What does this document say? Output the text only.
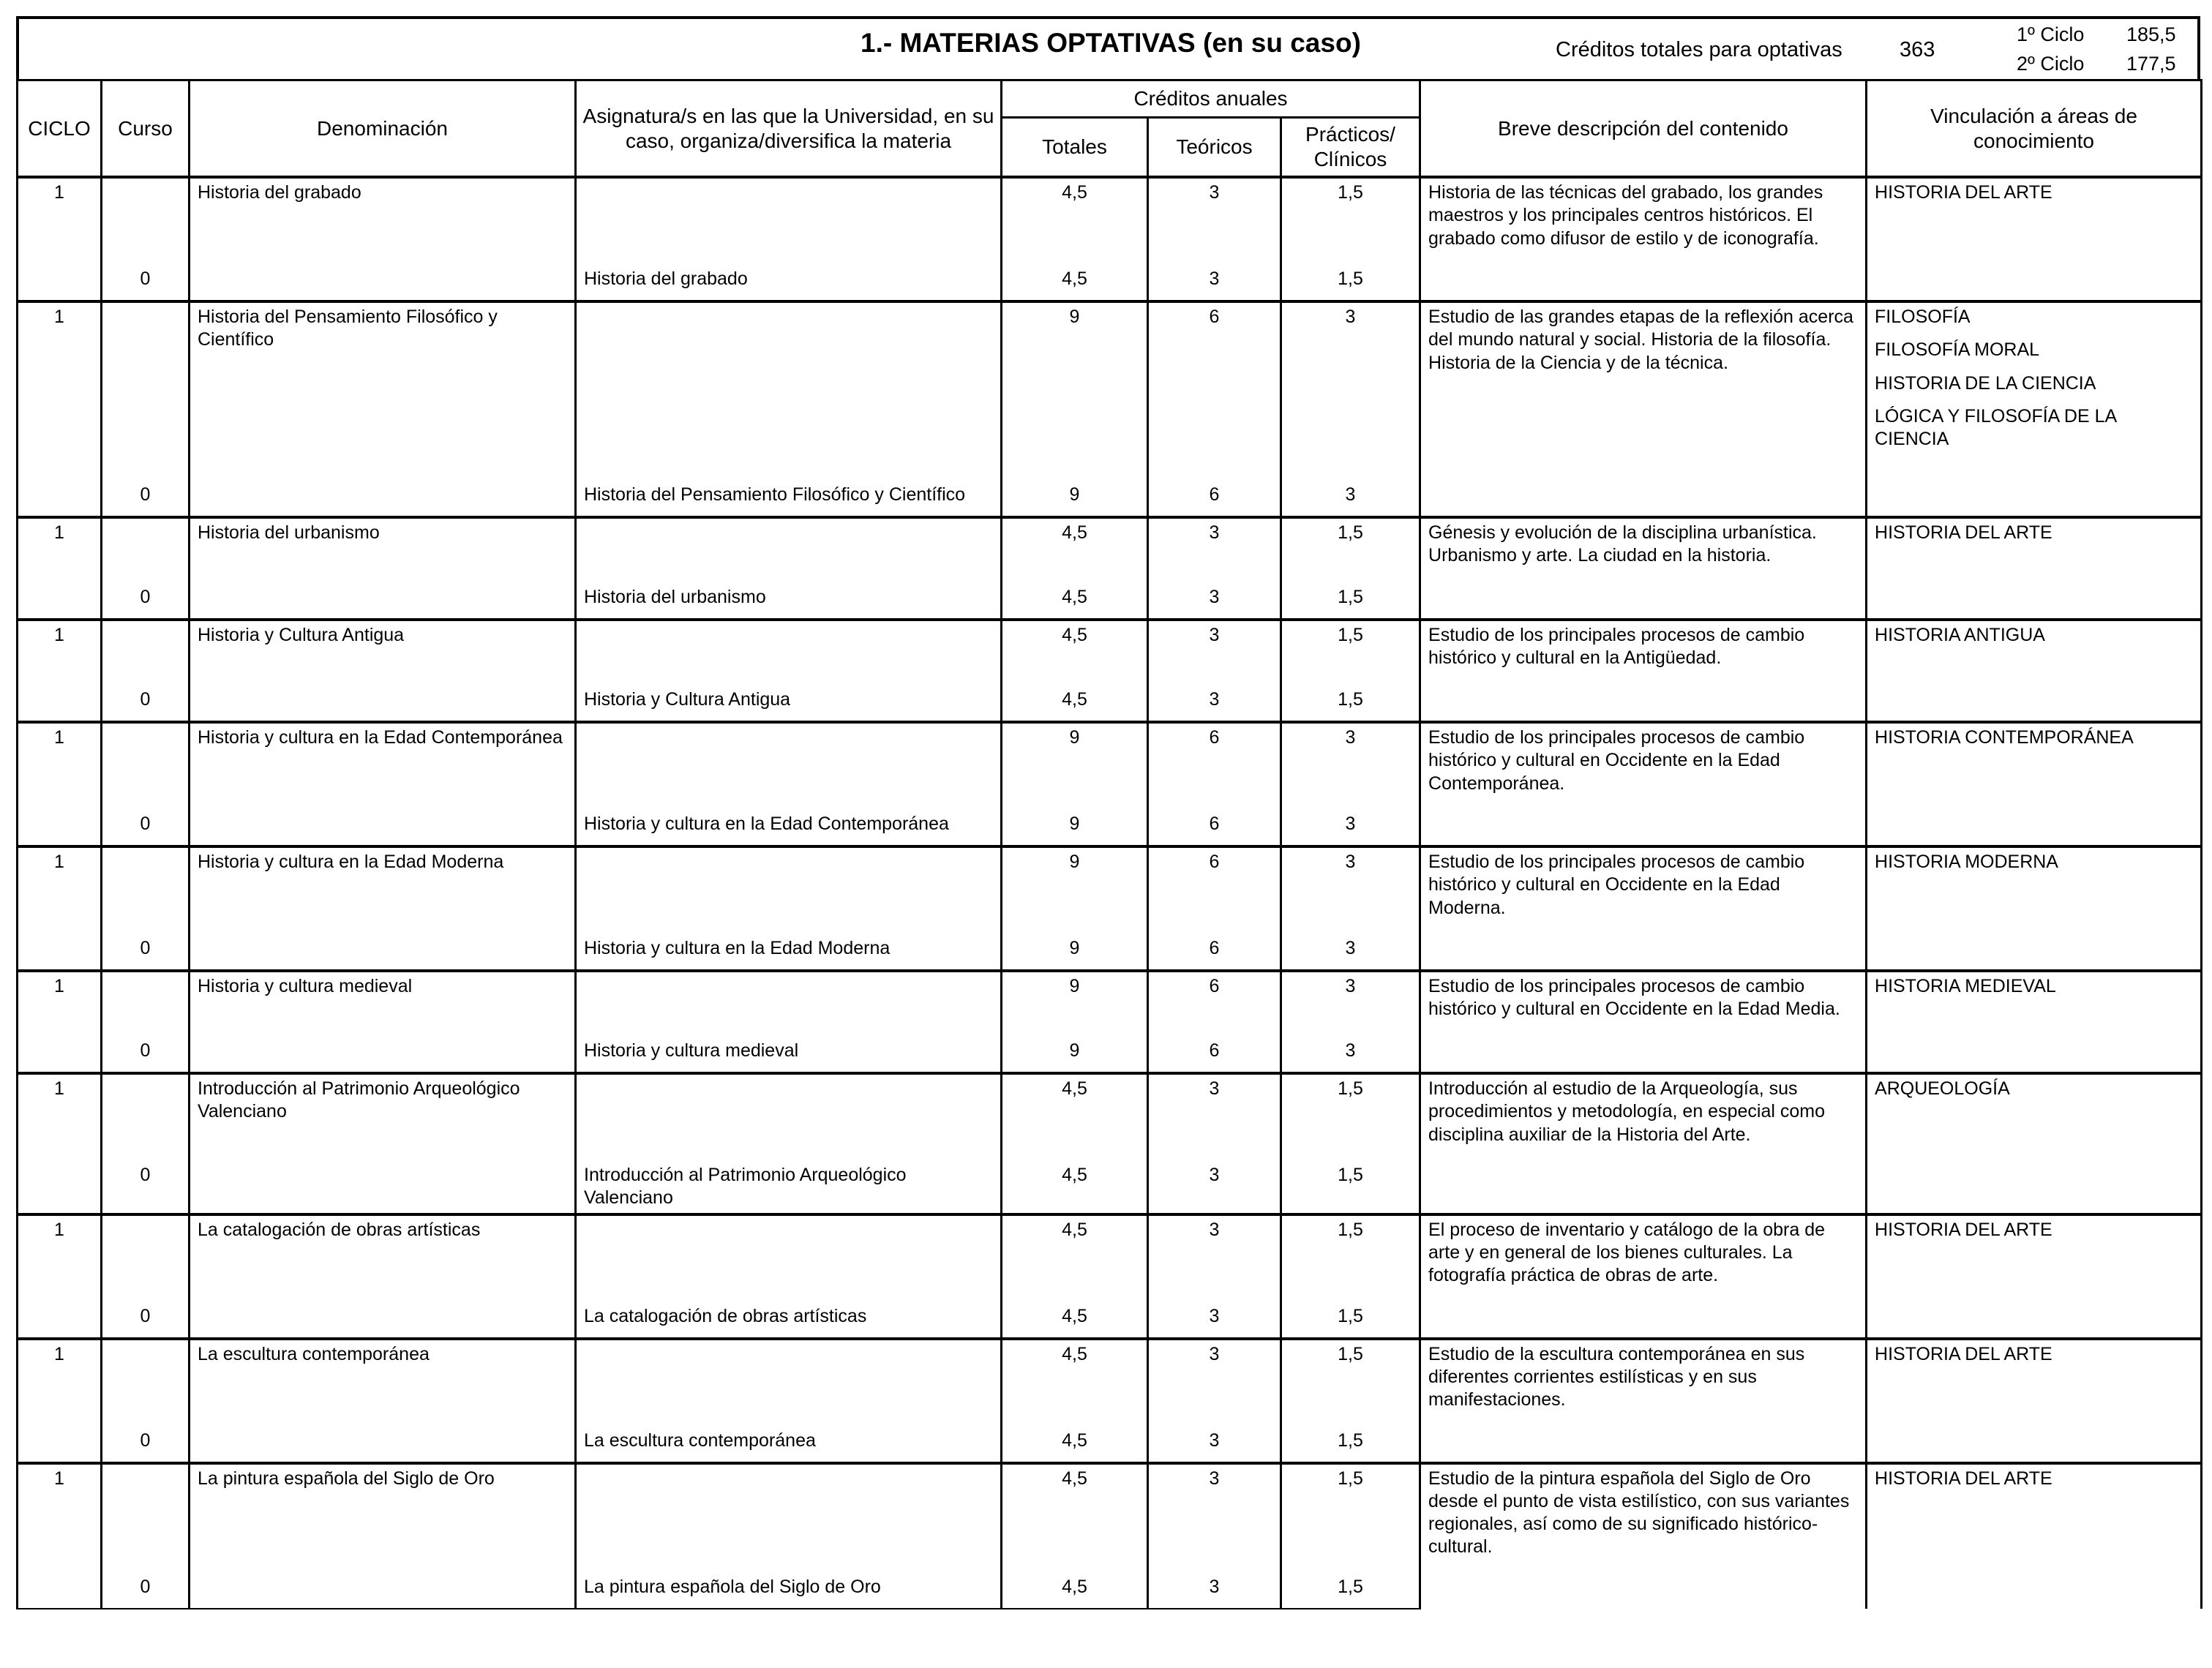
1.- MATERIAS OPTATIVAS (en su caso)	Créditos totales para optativas	363
1º Ciclo 185,5
2º Ciclo 177,5
CICLO	Curso	Denominación	Asignatura/s en las que la Universidad, en su caso, organiza/diversifica la materia	Créditos anuales			Breve descripción del contenido	Vinculación a áreas de conocimiento
				Totales	Teóricos	Prácticos/ Clínicos		
1		Historia del grabado		4,5	3	1,5	Historia de las técnicas del grabado, los grandes maestros y los principales centros históricos. El grabado como difusor de estilo y de iconografía.	HISTORIA DEL ARTE

	0		Historia del grabado	4,5	3	1,5		
1		Historia del Pensamiento Filosófico y Científico		9	6	3	Estudio de las grandes etapas de la reflexión acerca del mundo natural y social. Historia de la filosofía. Historia de la Ciencia y de la técnica.	FILOSOFÍA
FILOSOFÍA MORAL
HISTORIA DE LA CIENCIA
LÓGICA Y FILOSOFÍA DE LA CIENCIA

	0		Historia del Pensamiento Filosófico y Científico	9	6	3		
1		Historia del urbanismo		4,5	3	1,5	Génesis y evolución de la disciplina urbanística. Urbanismo y arte. La ciudad en la historia.	HISTORIA DEL ARTE

	0		Historia del urbanismo	4,5	3	1,5		
1		Historia y Cultura Antigua		4,5	3	1,5	Estudio de los principales procesos de cambio histórico y cultural en la Antigüedad.	HISTORIA ANTIGUA

	0		Historia y Cultura Antigua	4,5	3	1,5		
1		Historia y cultura en la Edad Contemporánea		9	6	3	Estudio de los principales procesos de cambio histórico y cultural en Occidente en la Edad Contemporánea.	HISTORIA CONTEMPORÁNEA

	0		Historia y cultura en la Edad Contemporánea	9	6	3		
1		Historia y cultura en la Edad Moderna		9	6	3	Estudio de los principales procesos de cambio histórico y cultural en Occidente en la Edad Moderna.	HISTORIA MODERNA

	0		Historia y cultura en la Edad Moderna	9	6	3		
1		Historia y cultura medieval		9	6	3	Estudio de los principales procesos de cambio histórico y cultural en Occidente en la Edad Media.	HISTORIA MEDIEVAL

	0		Historia y cultura medieval	9	6	3		
1		Introducción al Patrimonio Arqueológico Valenciano		4,5	3	1,5	Introducción al estudio de la Arqueología, sus procedimientos y metodología, en especial como disciplina auxiliar de la Historia del Arte.	ARQUEOLOGÍA

	0		Introducción al Patrimonio Arqueológico Valenciano	4,5	3	1,5		
1		La catalogación de obras artísticas		4,5	3	1,5	El proceso de inventario y catálogo de la obra de arte y en general de los bienes culturales. La fotografía práctica de obras de arte.	HISTORIA DEL ARTE

	0		La catalogación de obras artísticas	4,5	3	1,5		
1		La escultura contemporánea		4,5	3	1,5	Estudio de la escultura contemporánea en sus diferentes corrientes estilísticas y en sus manifestaciones.	HISTORIA DEL ARTE

	0		La escultura contemporánea	4,5	3	1,5		
1		La pintura española del Siglo de Oro		4,5	3	1,5	Estudio de la pintura española del Siglo de Oro desde el punto de vista estilístico, con sus variantes regionales, así como de su significado histórico-cultural.	HISTORIA DEL ARTE

	0		La pintura española del Siglo de Oro	4,5	3	1,5		
